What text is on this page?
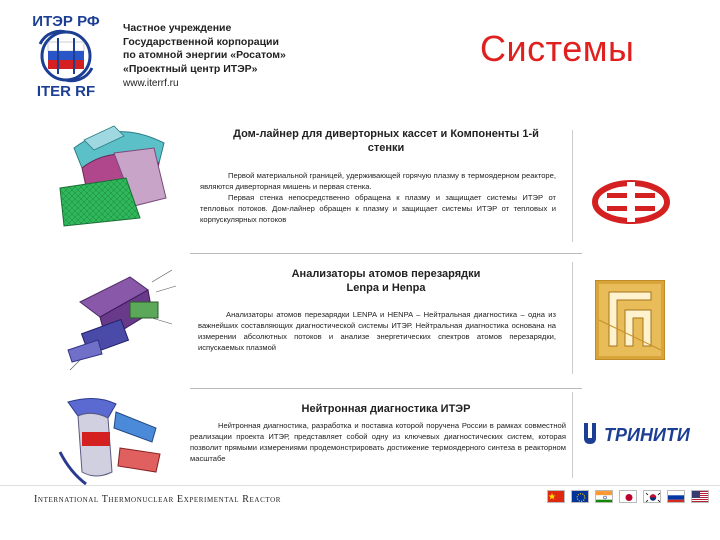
ИТЭР РФ
ITER RF
Частное учреждение
Государственной корпорации
по атомной энергии «Росатом»
«Проектный центр ИТЭР»
www.iterrf.ru
Системы
Дом-лайнер для диверторных кассет и Компоненты 1-й
стенки

Первой материальной границей, удерживающей горячую плазму в термоядерном реакторе, являются диверторная мишень и первая стенка.

Первая стенка непосредственно обращена к плазму и защищает системы ИТЭР от тепловых потоков. Дом-лайнер обращен к плазму и защищает системы ИТЭР от тепловых и корпускулярных потоков

Анализаторы атомов перезарядки
Lenpa и Henpa

Анализаторы атомов перезарядки LENPA и HENPA – Нейтральная диагностика – одна из важнейших составляющих диагностической системы ИТЭР. Нейтральная диагностика основана на измерении абсолютных потоков и анализе энергетических спектров атомов перезарядки, испускаемых плазмой

Нейтронная диагностика ИТЭР

Нейтронная диагностика, разработка и поставка которой поручена России в рамках совместной реализации проекта ИТЭР, представляет собой одну из ключевых диагностических систем, которая позволит прямыми измерениями продемонстрировать достижение термоядерного синтеза в реакторном масштабе

ТРИНИТИ
International Thermonuclear Experimental Reactor
